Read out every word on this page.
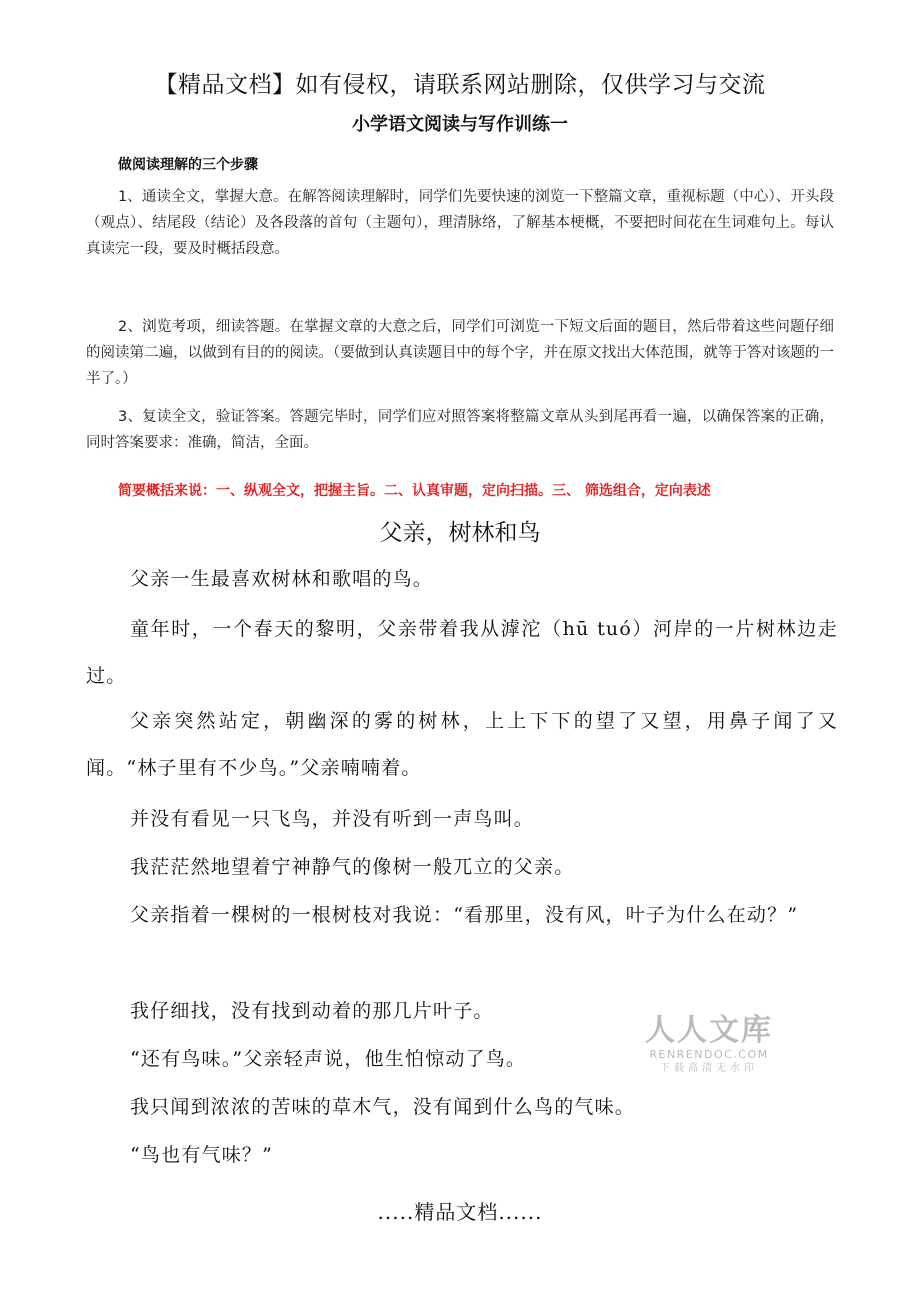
【精品文档】如有侵权，请联系网站删除，仅供学习与交流
小学语文阅读与写作训练一
做阅读理解的三个步骤

1、通读全文，掌握大意。在解答阅读理解时，同学们先要快速的浏览一下整篇文章，重视标题（中心）、开头段（观点）、结尾段（结论）及各段落的首句（主题句），理清脉络，了解基本梗概，不要把时间花在生词难句上。每认真读完一段，要及时概括段意。

2、浏览考项，细读答题。在掌握文章的大意之后，同学们可浏览一下短文后面的题目，然后带着这些问题仔细的阅读第二遍，以做到有目的的阅读。（要做到认真读题目中的每个字，并在原文找出大体范围，就等于答对该题的一半了。）

3、复读全文，验证答案。答题完毕时，同学们应对照答案将整篇文章从头到尾再看一遍，以确保答案的正确，同时答案要求：准确，简洁，全面。

简要概括来说：一、纵观全文，把握主旨。二、认真审题，定向扫描。三、 筛选组合，定向表述
父亲，树林和鸟

父亲一生最喜欢树林和歌唱的鸟。

童年时，一个春天的黎明，父亲带着我从滹沱（hū tuó）河岸的一片树林边走过。

父亲突然站定，朝幽深的雾的树林，上上下下的望了又望，用鼻子闻了又闻。“林子里有不少鸟。”父亲喃喃着。

并没有看见一只飞鸟，并没有听到一声鸟叫。

我茫茫然地望着宁神静气的像树一般兀立的父亲。

父亲指着一棵树的一根树枝对我说：“看那里，没有风，叶子为什么在动？”

我仔细找，没有找到动着的那几片叶子。

“还有鸟味。”父亲轻声说，他生怕惊动了鸟。

我只闻到浓浓的苦味的草木气，没有闻到什么鸟的气味。

“鸟也有气味？”

.....精品文档......
人人文库
RENRENDOC.COM
下载高清无水印
